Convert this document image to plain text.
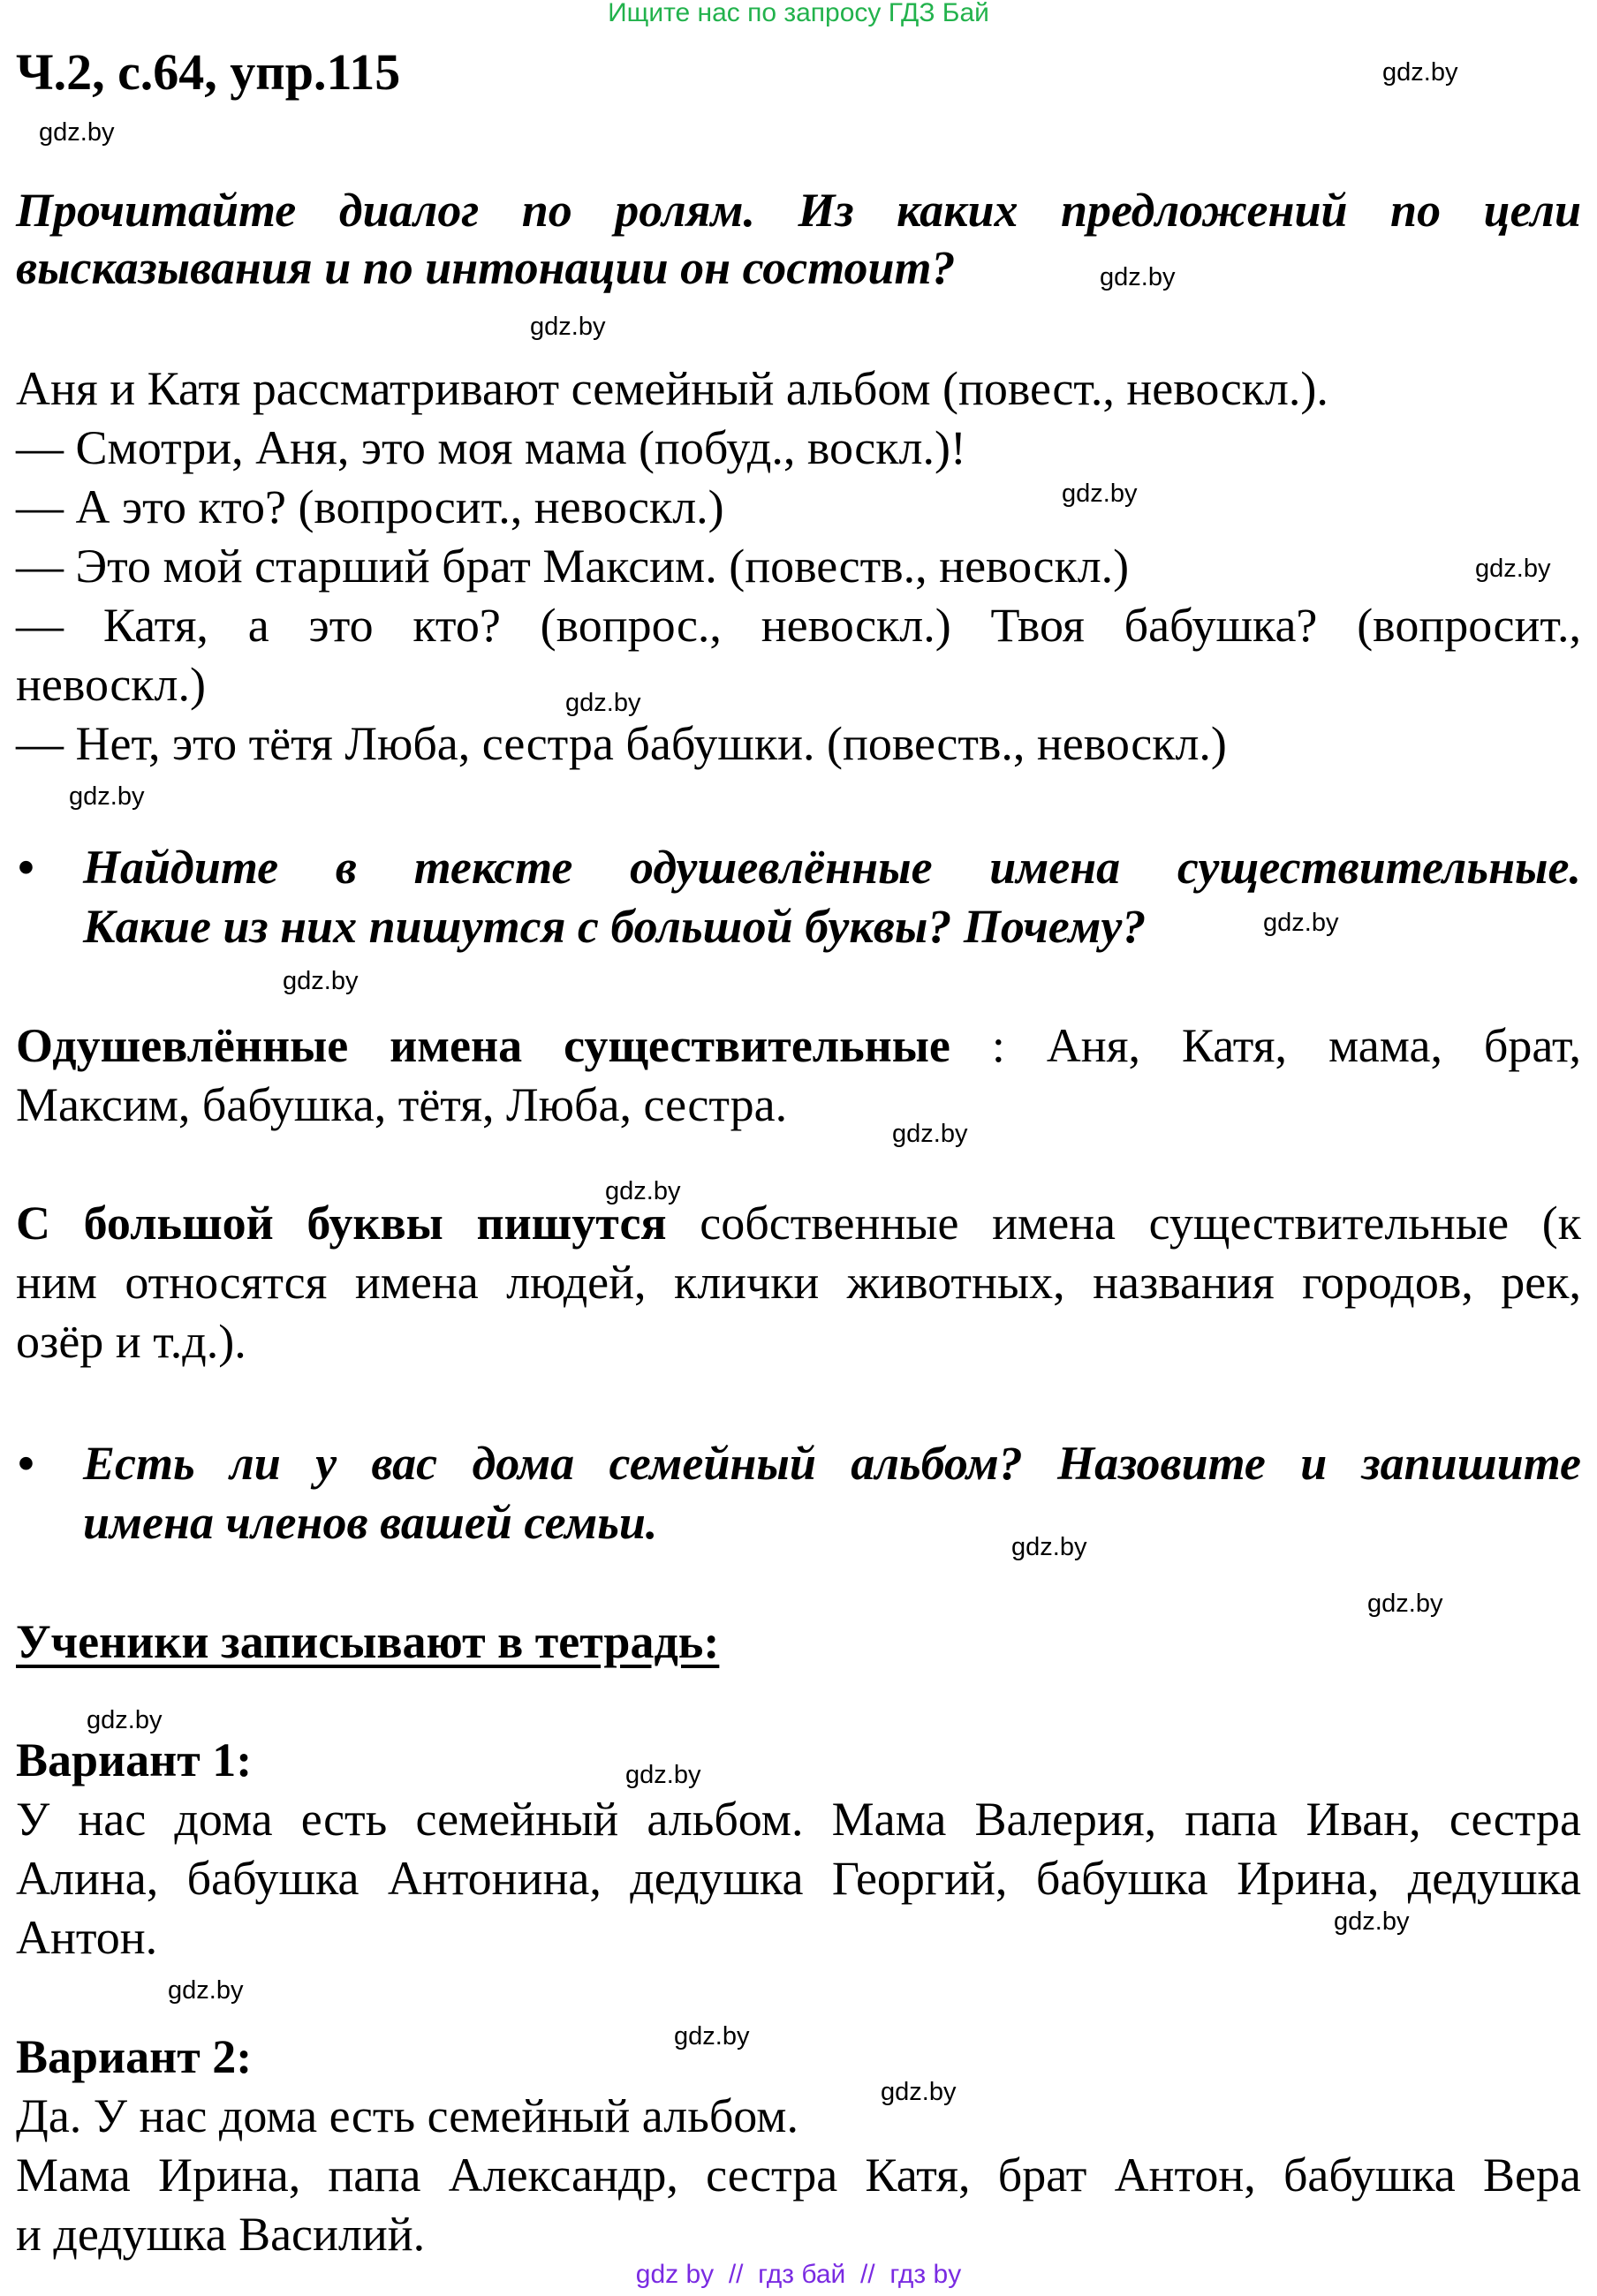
Ищите нас по запросу ГДЗ Бай
Ч.2, с.64, упр.115	gdz.by
gdz.by
gdz.by
gdz.by
gdz.by
gdz.by
gdz.by
gdz.by
gdz.by
gdz.by
gdz.by
gdz.by
gdz.by
gdz.by
gdz.by
gdz.by
gdz.by
gdz.by
gdz.by
gdz.by
Прочитайте диалог по ролям. Из каких предложений по цели
высказывания и по интонации он состоит?
Аня и Катя рассматривают семейный альбом (повест., невоскл.).
— Смотри, Аня, это моя мама (побуд., воскл.)!
— А это кто? (вопросит., невоскл.)
— Это мой старший брат Максим. (повеств., невоскл.)
— Катя, а это кто? (вопрос., невоскл.) Твоя бабушка? (вопросит.,
невоскл.)
— Нет, это тётя Люба, сестра бабушки. (повеств., невоскл.)
• Найдите в тексте одушевлённые имена существительные.
Какие из них пишутся с большой буквы? Почему?
Одушевлённые имена существительные : Аня, Катя, мама, брат,
Максим, бабушка, тётя, Люба, сестра.
С большой буквы пишутся собственные имена существительные (к
ним относятся имена людей, клички животных, названия городов, рек,
озёр и т.д.).
• Есть ли у вас дома семейный альбом? Назовите и запишите
имена членов вашей семьи.
Ученики записывают в тетрадь:
Вариант 1:
У нас дома есть семейный альбом. Мама Валерия, папа Иван, сестра
Алина, бабушка Антонина, дедушка Георгий, бабушка Ирина, дедушка
Антон.
Вариант 2:
Да. У нас дома есть семейный альбом.
Мама Ирина, папа Александр, сестра Катя, брат Антон, бабушка Вера
и дедушка Василий.
gdz by  //  гдз бай  //  гдз by
